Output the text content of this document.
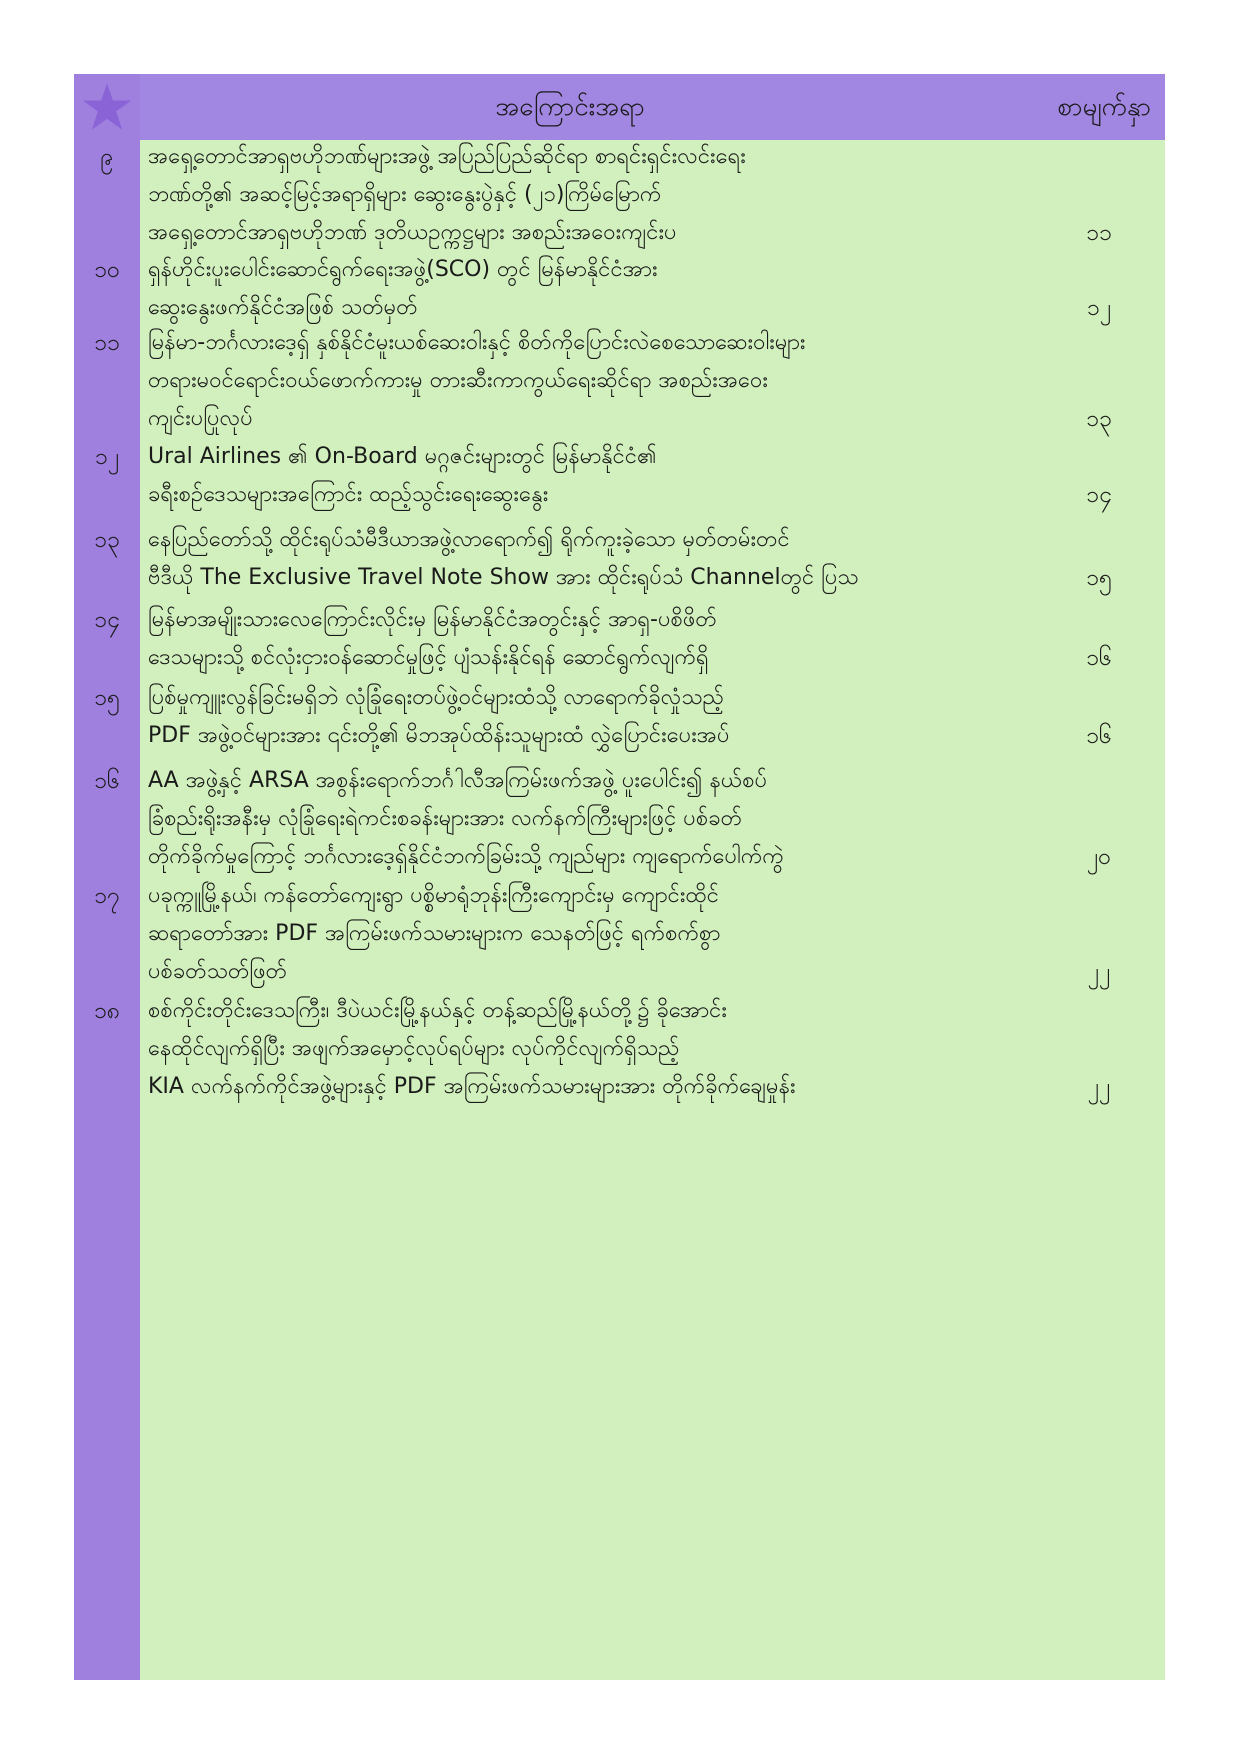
အကြောင်းအရာ	စာမျက်နှာ
၉	အရှေ့တောင်အာရှဗဟိုဘဏ်များအဖွဲ့ အပြည်ပြည်ဆိုင်ရာ စာရင်းရှင်းလင်းရေး
ဘဏ်တို့၏ အဆင့်မြင့်အရာရှိများ ဆွေးနွေးပွဲနှင့် (၂၁)ကြိမ်မြောက်
အရှေ့တောင်အာရှဗဟိုဘဏ် ဒုတိယဥက္ကဋ္ဌများ အစည်းအဝေးကျင်းပ	၁၁
၁၀	ရှန်ဟိုင်းပူးပေါင်းဆောင်ရွက်ရေးအဖွဲ့(SCO) တွင် မြန်မာနိုင်ငံအား
ဆွေးနွေးဖက်နိုင်ငံအဖြစ် သတ်မှတ်	၁၂
၁၁	မြန်မာ-ဘင်္ဂလားဒေ့ရှ် နှစ်နိုင်ငံမူးယစ်ဆေးဝါးနှင့် စိတ်ကိုပြောင်းလဲစေသောဆေးဝါးများ
တရားမဝင်ရောင်းဝယ်ဖောက်ကားမှု တားဆီးကာကွယ်ရေးဆိုင်ရာ အစည်းအဝေး
ကျင်းပပြုလုပ်	၁၃
၁၂	Ural Airlines ၏ On-Board မဂ္ဂဇင်းများတွင် မြန်မာနိုင်ငံ၏
ခရီးစဉ်ဒေသများအကြောင်း ထည့်သွင်းရေးဆွေးနွေး	၁၄
၁၃	နေပြည်တော်သို့ ထိုင်းရုပ်သံမီဒီယာအဖွဲ့လာရောက်၍ ရိုက်ကူးခဲ့သော မှတ်တမ်းတင်
ဗီဒီယို The Exclusive Travel Note Show အား ထိုင်းရုပ်သံ Channelတွင် ပြသ	၁၅
၁၄	မြန်မာအမျိုးသားလေကြောင်းလိုင်းမှ မြန်မာနိုင်ငံအတွင်းနှင့် အာရှ-ပစိဖိတ်
ဒေသများသို့ စင်လုံးငှားဝန်ဆောင်မှုဖြင့် ပျံသန်းနိုင်ရန် ဆောင်ရွက်လျက်ရှိ	၁၆
၁၅	ပြစ်မှုကျူးလွန်ခြင်းမရှိဘဲ လုံခြုံရေးတပ်ဖွဲ့ဝင်များထံသို့ လာရောက်ခိုလှုံသည့်
PDF အဖွဲ့ဝင်များအား ၎င်းတို့၏ မိဘအုပ်ထိန်းသူများထံ လွှဲပြောင်းပေးအပ်	၁၆
၁၆	AA အဖွဲ့နှင့် ARSA အစွန်းရောက်ဘင်္ဂါလီအကြမ်းဖက်အဖွဲ့ ပူးပေါင်း၍ နယ်စပ်
ခြံစည်းရိုးအနီးမှ လုံခြုံရေးရဲကင်းစခန်းများအား လက်နက်ကြီးများဖြင့် ပစ်ခတ်
တိုက်ခိုက်မှုကြောင့် ဘင်္ဂလားဒေ့ရှ်နိုင်ငံဘက်ခြမ်းသို့ ကျည်များ ကျရောက်ပေါက်ကွဲ	၂၀
၁၇	ပခုက္ကူမြို့နယ်၊ ကန်တော်ကျေးရွာ ပစ္စိမာရုံဘုန်းကြီးကျောင်းမှ ကျောင်းထိုင်
ဆရာတော်အား PDF အကြမ်းဖက်သမားများက သေနတ်ဖြင့် ရက်စက်စွာ
ပစ်ခတ်သတ်ဖြတ်	၂၂
၁၈	စစ်ကိုင်းတိုင်းဒေသကြီး၊ ဒီပဲယင်းမြို့နယ်နှင့် တန့်ဆည်မြို့နယ်တို့၌ ခိုအောင်း
နေထိုင်လျက်ရှိပြီး အဖျက်အမှောင့်လုပ်ရပ်များ လုပ်ကိုင်လျက်ရှိသည့်
KIA လက်နက်ကိုင်အဖွဲ့များနှင့် PDF အကြမ်းဖက်သမားများအား တိုက်ခိုက်ချေမှုန်း	၂၂
